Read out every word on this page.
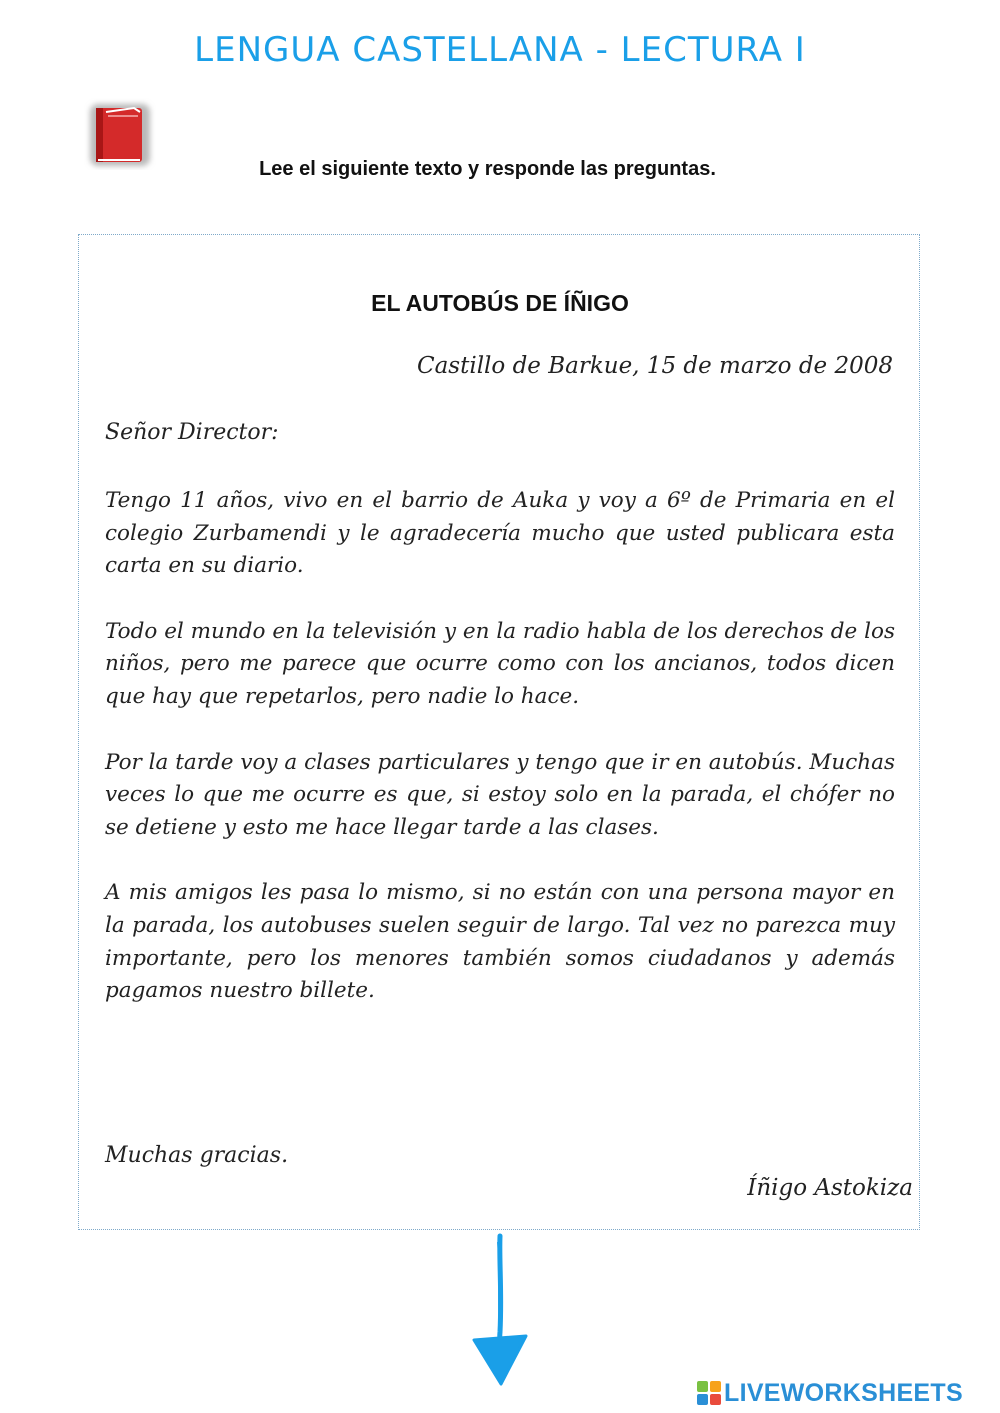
LENGUA CASTELLANA - LECTURA I
Lee el siguiente texto y responde las preguntas.
EL AUTOBÚS DE ÍÑIGO
Castillo de Barkue, 15 de marzo de 2008
Señor Director:

Tengo 11 años, vivo en el barrio de Auka y voy a 6º de Primaria en el colegio Zurbamendi y le agradecería mucho que usted publicara esta carta en su diario.

Todo el mundo en la televisión y en la radio habla de los derechos de los niños, pero me parece que ocurre como con los ancianos, todos dicen que hay que repetarlos, pero nadie lo hace.

Por la tarde voy a clases particulares y tengo que ir en autobús. Muchas veces lo que me ocurre es que, si estoy solo en la parada, el chófer no se detiene y esto me hace llegar tarde a las clases.

A mis amigos les pasa lo mismo, si no están con una persona mayor en la parada, los autobuses suelen seguir de largo. Tal vez no parezca muy importante, pero los menores también somos ciudadanos y además pagamos nuestro billete.

Muchas gracias.
Íñigo Astokiza
LIVEWORKSHEETS
